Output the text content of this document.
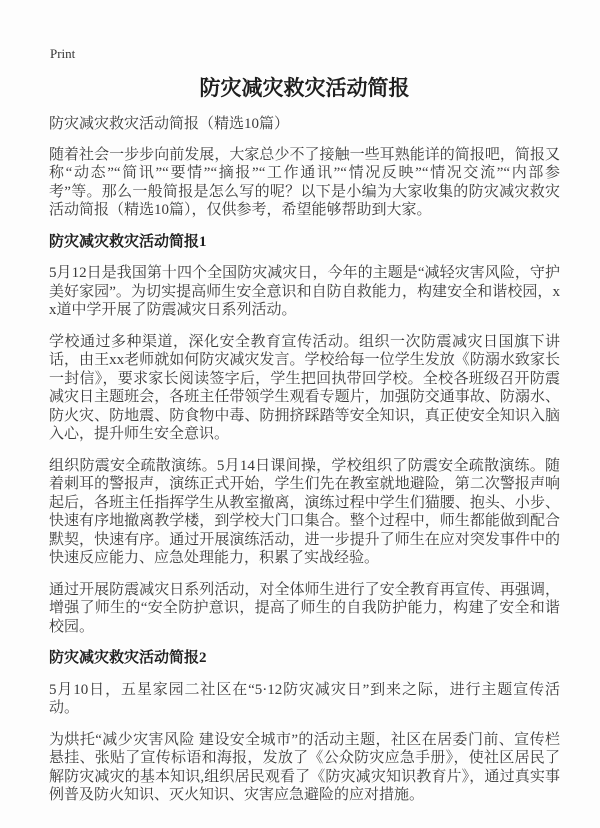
Print
防灾减灾救灾活动简报
防灾减灾救灾活动简报（精选10篇）

随着社会一步步向前发展，大家总少不了接触一些耳熟能详的简报吧，简报又称“动态”“简讯”“要情”“摘报”“工作通讯”“情况反映”“情况交流”“内部参考”等。那么一般简报是怎么写的呢？以下是小编为大家收集的防灾减灾救灾活动简报（精选10篇），仅供参考，希望能够帮助到大家。

防灾减灾救灾活动简报1

5月12日是我国第十四个全国防灾减灾日，今年的主题是“减轻灾害风险，守护美好家园”。为切实提高师生安全意识和自防自救能力，构建安全和谐校园，xx道中学开展了防震减灾日系列活动。

学校通过多种渠道，深化安全教育宣传活动。组织一次防震减灾日国旗下讲话，由王xx老师就如何防灾减灾发言。学校给每一位学生发放《防溺水致家长一封信》，要求家长阅读签字后，学生把回执带回学校。全校各班级召开防震减灾日主题班会，各班主任带领学生观看专题片，加强防交通事故、防溺水、防火灾、防地震、防食物中毒、防拥挤踩踏等安全知识，真正使安全知识入脑入心，提升师生安全意识。

组织防震安全疏散演练。5月14日课间操，学校组织了防震安全疏散演练。随着刺耳的警报声，演练正式开始，学生们先在教室就地避险，第二次警报声响起后，各班主任指挥学生从教室撤离，演练过程中学生们猫腰、抱头、小步、快速有序地撤离教学楼，到学校大门口集合。整个过程中，师生都能做到配合默契，快速有序。通过开展演练活动，进一步提升了师生在应对突发事件中的快速反应能力、应急处理能力，积累了实战经验。

通过开展防震减灾日系列活动，对全体师生进行了安全教育再宣传、再强调，增强了师生的“安全防护意识，提高了师生的自我防护能力，构建了安全和谐校园。

防灾减灾救灾活动简报2

5月10日，五星家园二社区在“5·12防灾减灾日”到来之际，进行主题宣传活动。

为烘托“减少灾害风险 建设安全城市”的活动主题，社区在居委门前、宣传栏悬挂、张贴了宣传标语和海报，发放了《公众防灾应急手册》，使社区居民了解防灾减灾的基本知识,组织居民观看了《防灾减灾知识教育片》，通过真实事例普及防火知识、灭火知识、灾害应急避险的应对措施。
